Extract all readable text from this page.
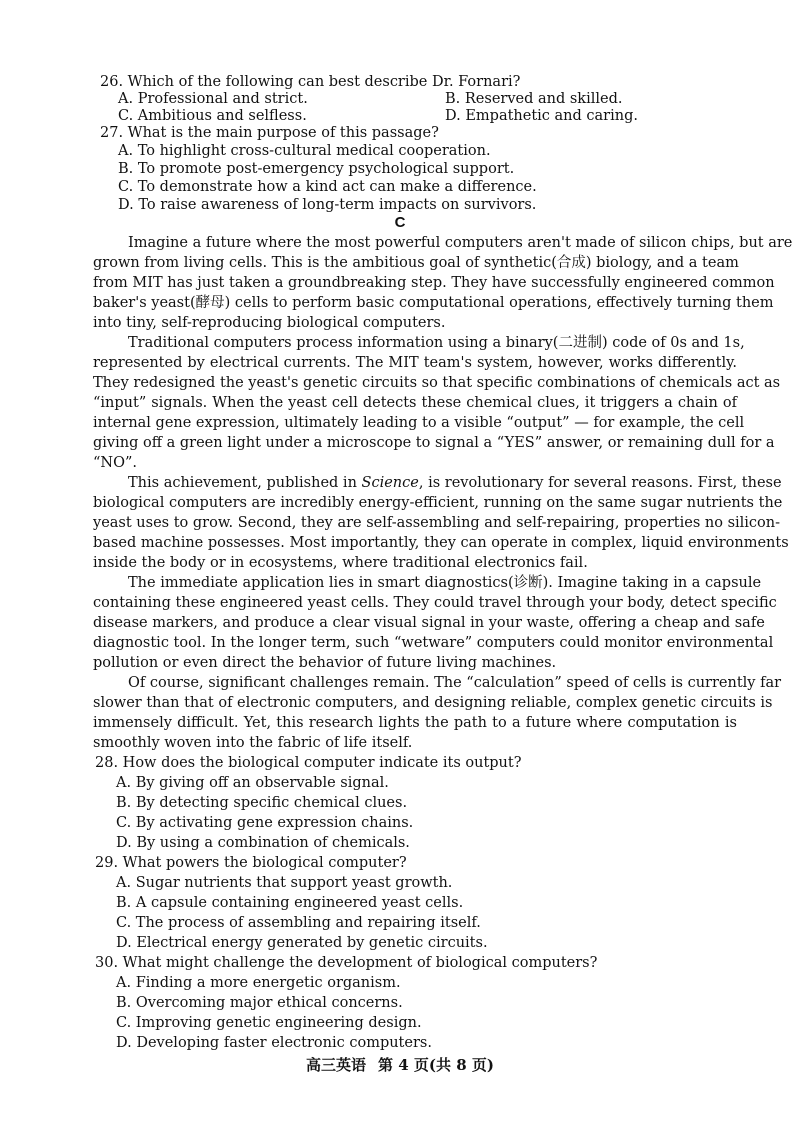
26. Which of the following can best describe Dr. Fornari?
A. Professional and strict.	B. Reserved and skilled.
C. Ambitious and selfless.	D. Empathetic and caring.
27. What is the main purpose of this passage?
A. To highlight cross-cultural medical cooperation.
B. To promote post-emergency psychological support.
C. To demonstrate how a kind act can make a difference.
D. To raise awareness of long-term impacts on survivors.
C
Imagine a future where the most powerful computers aren't made of silicon chips, but are
grown from living cells. This is the ambitious goal of synthetic(合成) biology, and a team
from MIT has just taken a groundbreaking step. They have successfully engineered common
baker's yeast(酵母) cells to perform basic computational operations, effectively turning them
into tiny, self-reproducing biological computers.
Traditional computers process information using a binary(二进制) code of 0s and 1s,
represented by electrical currents. The MIT team's system, however, works differently.
They redesigned the yeast's genetic circuits so that specific combinations of chemicals act as
“input” signals. When the yeast cell detects these chemical clues, it triggers a chain of
internal gene expression, ultimately leading to a visible “output” — for example, the cell
giving off a green light under a microscope to signal a “YES” answer, or remaining dull for a
“NO”.
This achievement, published in Science, is revolutionary for several reasons. First, these
biological computers are incredibly energy-efficient, running on the same sugar nutrients the
yeast uses to grow. Second, they are self-assembling and self-repairing, properties no silicon-
based machine possesses. Most importantly, they can operate in complex, liquid environments
inside the body or in ecosystems, where traditional electronics fail.
The immediate application lies in smart diagnostics(诊断). Imagine taking in a capsule
containing these engineered yeast cells. They could travel through your body, detect specific
disease markers, and produce a clear visual signal in your waste, offering a cheap and safe
diagnostic tool. In the longer term, such “wetware” computers could monitor environmental
pollution or even direct the behavior of future living machines.
Of course, significant challenges remain. The “calculation” speed of cells is currently far
slower than that of electronic computers, and designing reliable, complex genetic circuits is
immensely difficult. Yet, this research lights the path to a future where computation is
smoothly woven into the fabric of life itself.
28. How does the biological computer indicate its output?
A. By giving off an observable signal.
B. By detecting specific chemical clues.
C. By activating gene expression chains.
D. By using a combination of chemicals.
29. What powers the biological computer?
A. Sugar nutrients that support yeast growth.
B. A capsule containing engineered yeast cells.
C. The process of assembling and repairing itself.
D. Electrical energy generated by genetic circuits.
30. What might challenge the development of biological computers?
A. Finding a more energetic organism.
B. Overcoming major ethical concerns.
C. Improving genetic engineering design.
D. Developing faster electronic computers.
高三英语 第 4 页(共 8 页)
